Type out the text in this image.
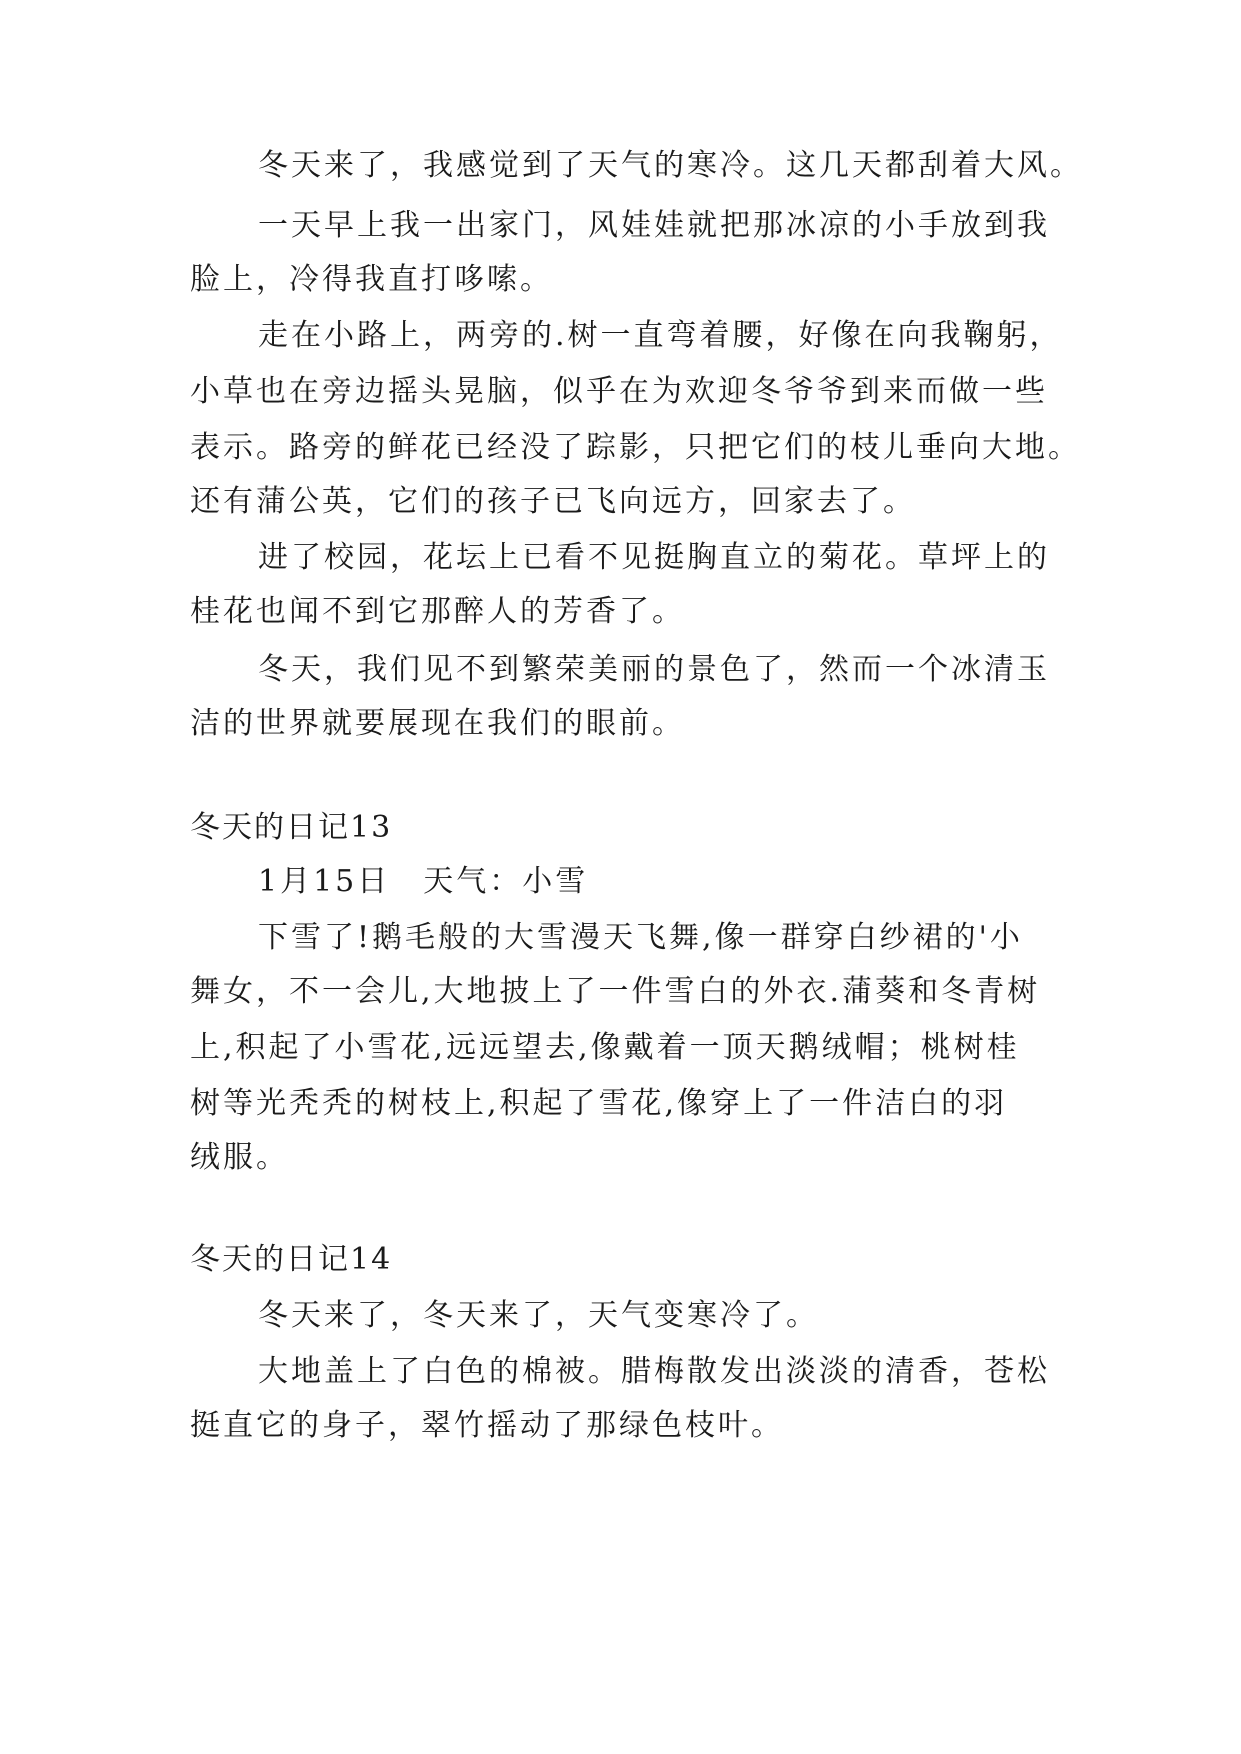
冬天来了，我感觉到了天气的寒冷。这几天都刮着大风。

一天早上我一出家门，风娃娃就把那冰凉的小手放到我

脸上，冷得我直打哆嗦。

走在小路上，两旁的.树一直弯着腰，好像在向我鞠躬，

小草也在旁边摇头晃脑，似乎在为欢迎冬爷爷到来而做一些

表示。路旁的鲜花已经没了踪影，只把它们的枝儿垂向大地。

还有蒲公英，它们的孩子已飞向远方，回家去了。

进了校园，花坛上已看不见挺胸直立的菊花。草坪上的

桂花也闻不到它那醉人的芳香了。

冬天，我们见不到繁荣美丽的景色了，然而一个冰清玉

洁的世界就要展现在我们的眼前。

冬天的日记13

1月15日　天气：小雪

下雪了!鹅毛般的大雪漫天飞舞,像一群穿白纱裙的'小

舞女，不一会儿,大地披上了一件雪白的外衣.蒲葵和冬青树

上,积起了小雪花,远远望去,像戴着一顶天鹅绒帽；桃树桂

树等光秃秃的树枝上,积起了雪花,像穿上了一件洁白的羽

绒服。

冬天的日记14

冬天来了，冬天来了，天气变寒冷了。

大地盖上了白色的棉被。腊梅散发出淡淡的清香，苍松

挺直它的身子，翠竹摇动了那绿色枝叶。
